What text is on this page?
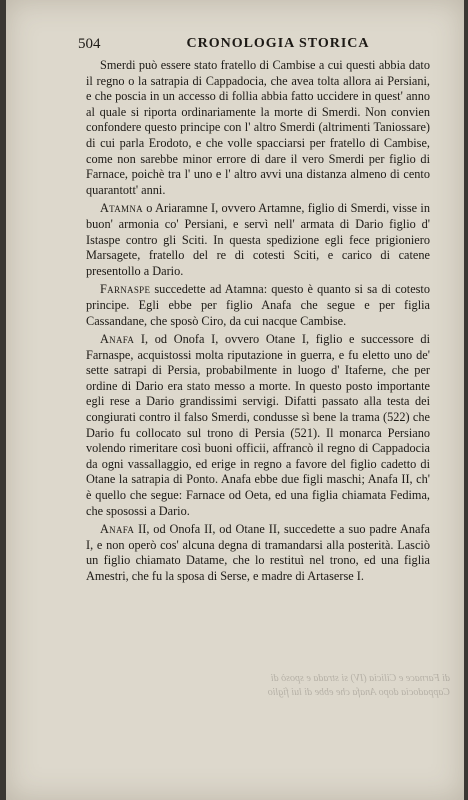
504	CRONOLOGIA STORICA

Smerdi può essere stato fratello di Cambise a cui questi abbia dato il regno o la satrapia di Cappadocia, che avea tolta allora ai Persiani, e che poscia in un accesso di follia abbia fatto uccidere in quest' anno al quale si riporta ordinariamente la morte di Smerdi. Non convien confondere questo principe con l' altro Smerdi (altrimenti Taniossare) di cui parla Erodoto, e che volle spacciarsi per fratello di Cambise, come non sarebbe minor errore di dare il vero Smerdi per figlio di Farnace, poichè tra l' uno e l' altro avvi una distanza almeno di cento quarantott' anni.

Atamna o Ariaramne I, ovvero Artamne, figlio di Smerdi, visse in buon' armonia co' Persiani, e servì nell' armata di Dario figlio d' Istaspe contro gli Sciti. In questa spedizione egli fece prigioniero Marsagete, fratello del re di cotesti Sciti, e carico di catene presentollo a Dario.

Farnaspe succedette ad Atamna: questo è quanto si sa di cotesto principe. Egli ebbe per figlio Anafa che segue e per figlia Cassandane, che sposò Ciro, da cui nacque Cambise.

Anafa I, od Onofa I, ovvero Otane I, figlio e successore di Farnaspe, acquistossi molta riputazione in guerra, e fu eletto uno de' sette satrapi di Persia, probabilmente in luogo d' Itaferne, che per ordine di Dario era stato messo a morte. In questo posto importante egli rese a Dario grandissimi servigi. Difatti passato alla testa dei congiurati contro il falso Smerdi, condusse sì bene la trama (522) che Dario fu collocato sul trono di Persia (521). Il monarca Persiano volendo rimeritare così buoni officii, affrancò il regno di Cappadocia da ogni vassallaggio, ed erige in regno a favore del figlio cadetto di Otane la satrapia di Ponto. Anafa ebbe due figli maschi; Anafa II, ch' è quello che segue: Farnace od Oeta, ed una figlia chiamata Fedima, che sposossi a Dario.

Anafa II, od Onofa II, od Otane II, succedette a suo padre Anafa I, e non operò cos' alcuna degna di tramandarsi alla posterità. Lasciò un figlio chiamato Datame, che lo restituì nel trono, ed una figlia Amestri, che fu la sposa di Serse, e madre di Artaserse I.

di Farnace e Cilicia (IV) si strada e sposò di Cappadocia dopo Anafa che ebbe di lui figlio
